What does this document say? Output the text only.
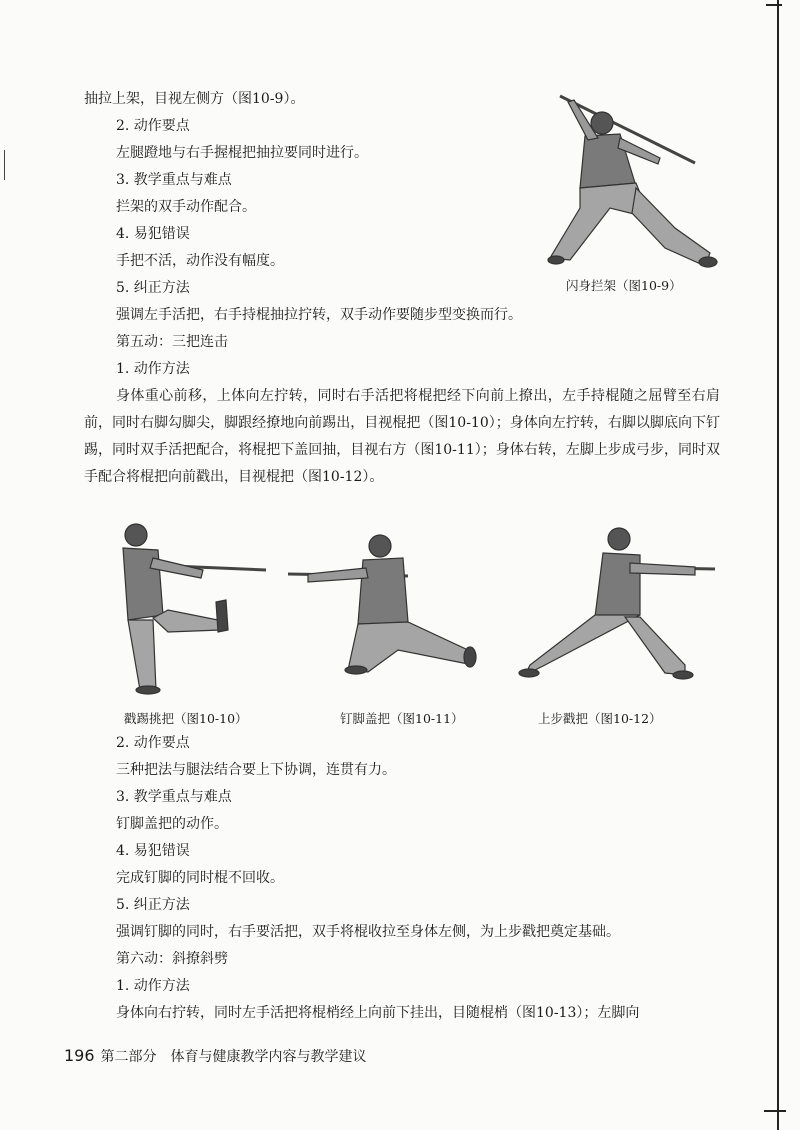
抽拉上架，目视左侧方（图10-9）。
2. 动作要点
左腿蹬地与右手握棍把抽拉要同时进行。
3. 教学重点与难点
拦架的双手动作配合。
4. 易犯错误
手把不活，动作没有幅度。
5. 纠正方法
强调左手活把，右手持棍抽拉拧转，双手动作要随步型变换而行。
第五动：三把连击
1. 动作方法
身体重心前移，上体向左拧转，同时右手活把将棍把经下向前上撩出，左手持棍随之屈臂至右肩前，同时右脚勾脚尖，脚跟经撩地向前踢出，目视棍把（图10-10）；身体向左拧转，右脚以脚底向下钉踢，同时双手活把配合，将棍把下盖回抽，目视右方（图10-11）；身体右转，左脚上步成弓步，同时双手配合将棍把向前戳出，目视棍把（图10-12）。
闪身拦架（图10-9）
戳踢挑把（图10-10）	钉脚盖把（图10-11）	上步戳把（图10-12）
2. 动作要点
三种把法与腿法结合要上下协调，连贯有力。
3. 教学重点与难点
钉脚盖把的动作。
4. 易犯错误
完成钉脚的同时棍不回收。
5. 纠正方法
强调钉脚的同时，右手要活把，双手将棍收拉至身体左侧，为上步戳把奠定基础。
第六动：斜撩斜劈
1. 动作方法
身体向右拧转，同时左手活把将棍梢经上向前下挂出，目随棍梢（图10-13）；左脚向
196 第二部分　体育与健康教学内容与教学建议
